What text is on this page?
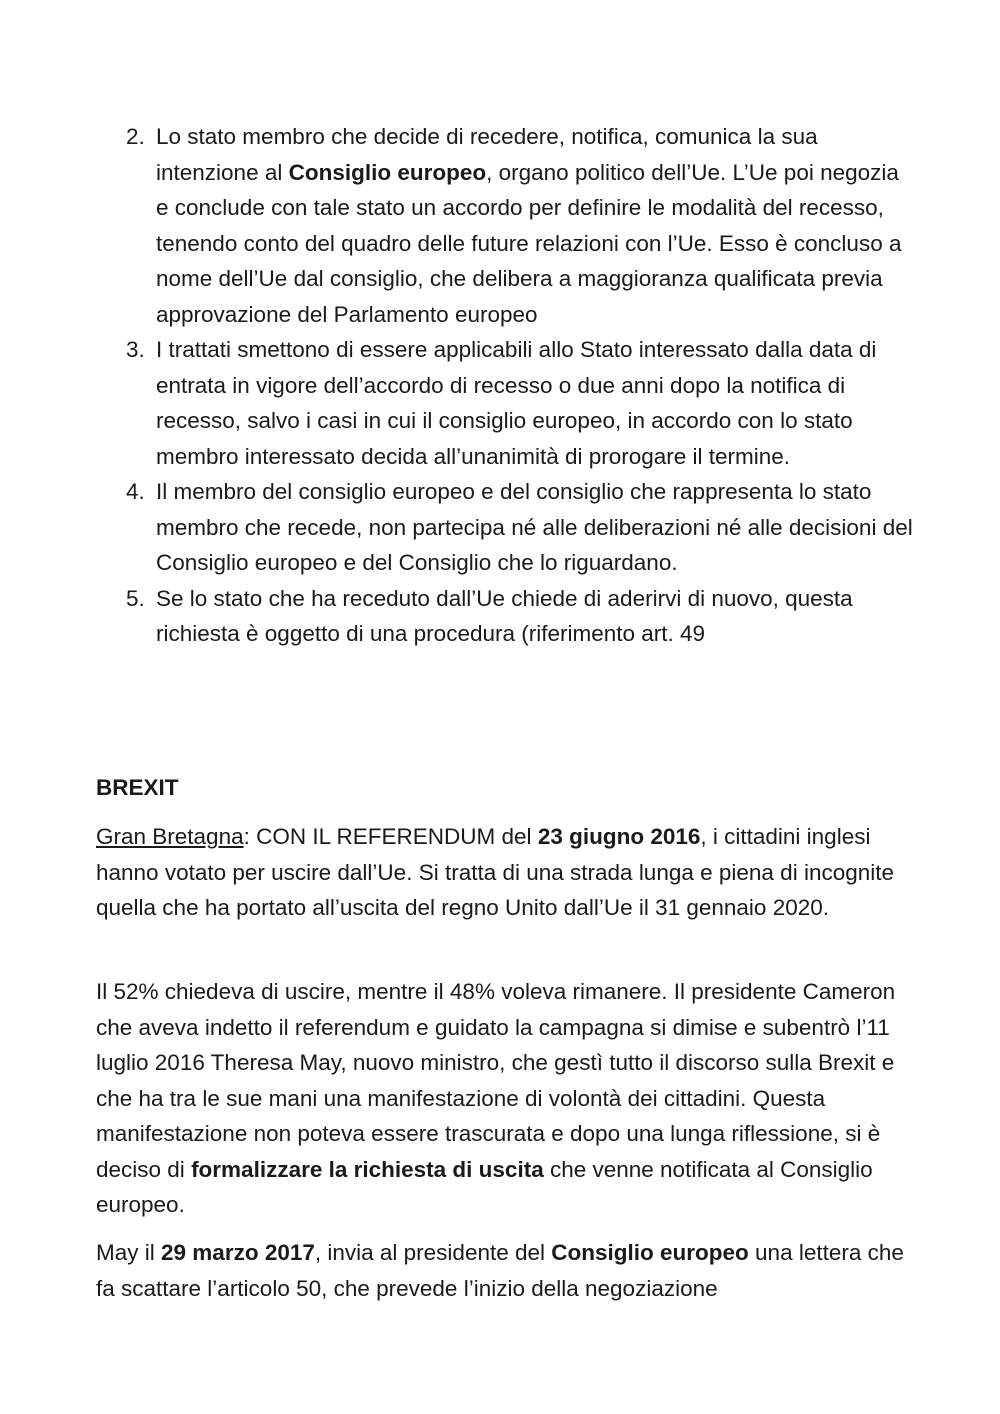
2. Lo stato membro che decide di recedere, notifica, comunica la sua intenzione al Consiglio europeo, organo politico dell’Ue. L’Ue poi negozia e conclude con tale stato un accordo per definire le modalità del recesso, tenendo conto del quadro delle future relazioni con l’Ue. Esso è concluso a nome dell’Ue dal consiglio, che delibera a maggioranza qualificata previa approvazione del Parlamento europeo
3. I trattati smettono di essere applicabili allo Stato interessato dalla data di entrata in vigore dell’accordo di recesso o due anni dopo la notifica di recesso, salvo i casi in cui il consiglio europeo, in accordo con lo stato membro interessato decida all’unanimità di prorogare il termine.
4. Il membro del consiglio europeo e del consiglio che rappresenta lo stato membro che recede, non partecipa né alle deliberazioni né alle decisioni del Consiglio europeo e del Consiglio che lo riguardano.
5. Se lo stato che ha receduto dall’Ue chiede di aderirvi di nuovo, questa richiesta è oggetto di una procedura (riferimento art. 49

BREXIT

Gran Bretagna: CON IL REFERENDUM del 23 giugno 2016, i cittadini inglesi hanno votato per uscire dall’Ue. Si tratta di una strada lunga e piena di incognite quella che ha portato all’uscita del regno Unito dall’Ue il 31 gennaio 2020.

Il 52% chiedeva di uscire, mentre il 48% voleva rimanere. Il presidente Cameron che aveva indetto il referendum e guidato la campagna si dimise e subentrò l’11 luglio 2016 Theresa May, nuovo ministro, che gestì tutto il discorso sulla Brexit e che ha tra le sue mani una manifestazione di volontà dei cittadini. Questa manifestazione non poteva essere trascurata e dopo una lunga riflessione, si è deciso di formalizzare la richiesta di uscita che venne notificata al Consiglio europeo.

May il 29 marzo 2017, invia al presidente del Consiglio europeo una lettera che fa scattare l’articolo 50, che prevede l’inizio della negoziazione
